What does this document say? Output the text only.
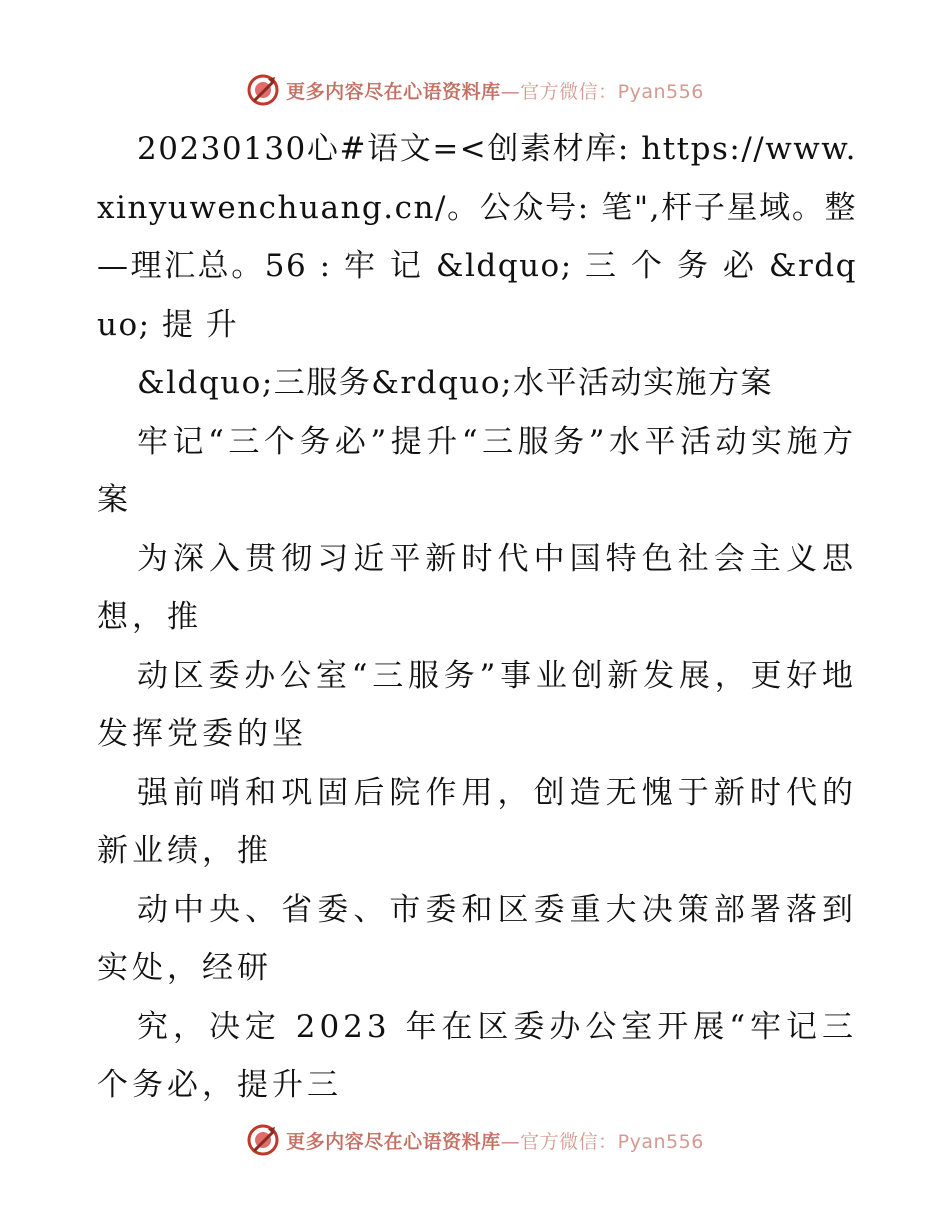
更多内容尽在心语资料库—官方微信：Pyan556

20230130心#语文=<创素材库: https://www.xinyuwenchuang.cn/。公众号: 笔",杆子星域。整—理汇总。56 : 牢 记 &ldquo; 三 个 务 必 &rdquo; 提 升

&ldquo;三服务&rdquo;水平活动实施方案

牢记“三个务必”提升“三服务”水平活动实施方案

为深入贯彻习近平新时代中国特色社会主义思想，推

动区委办公室“三服务”事业创新发展，更好地发挥党委的坚

强前哨和巩固后院作用，创造无愧于新时代的新业绩，推

动中央、省委、市委和区委重大决策部署落到实处，经研

究，决定 2023 年在区委办公室开展“牢记三个务必，提升三

更多内容尽在心语资料库—官方微信：Pyan556
